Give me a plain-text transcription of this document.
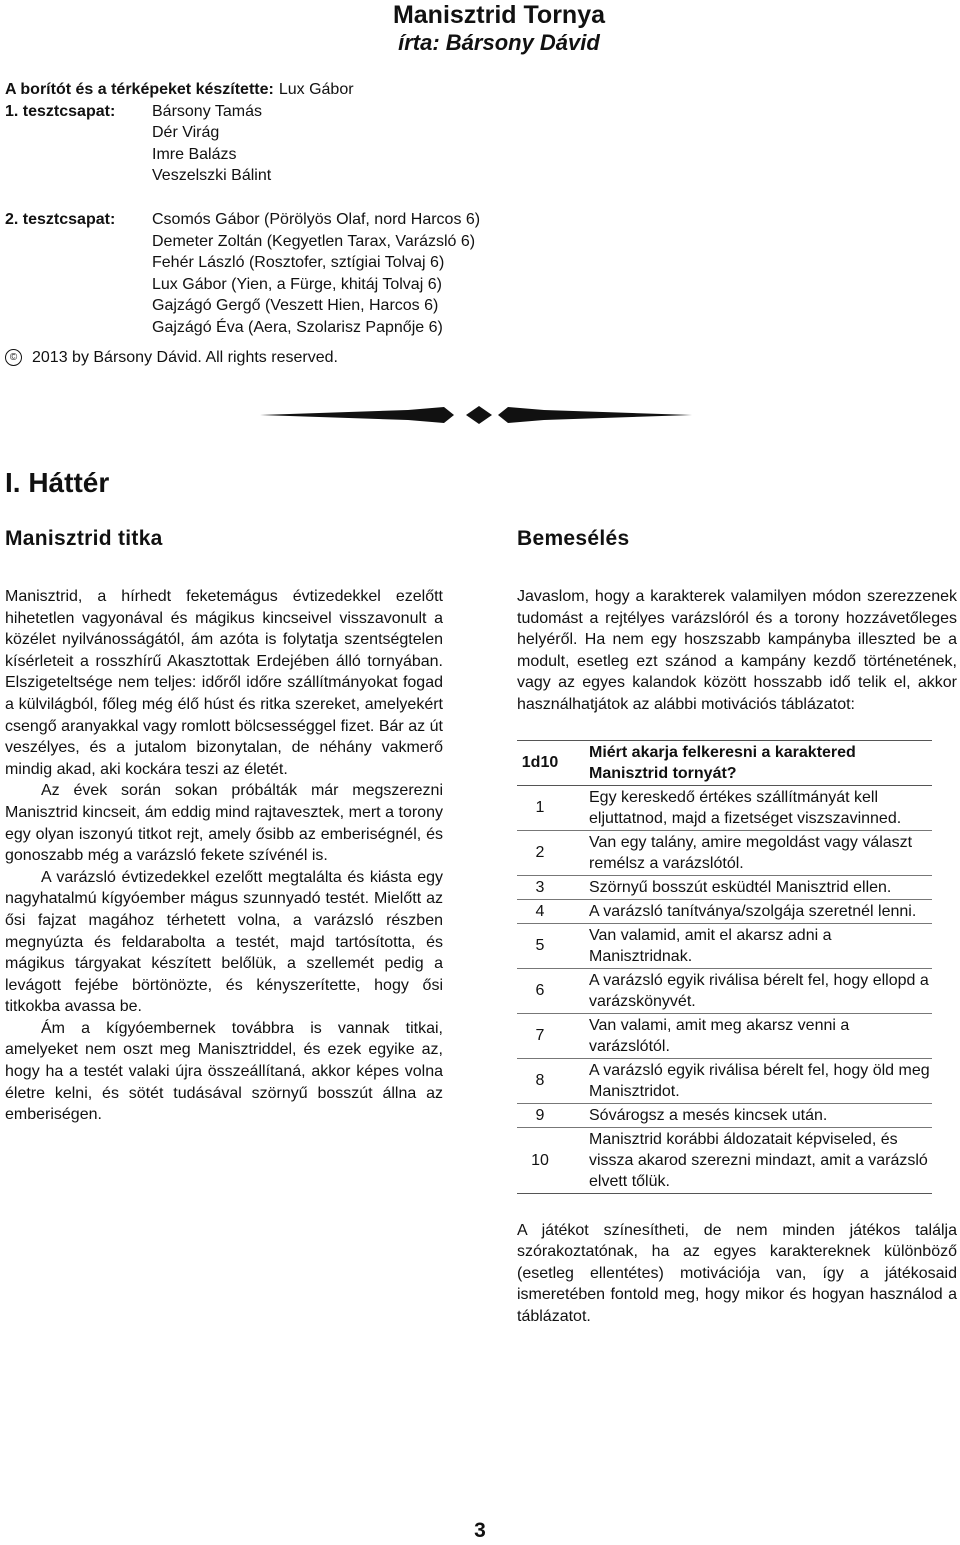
Manisztrid Tornya
írta: Bársony Dávid
A borítót és a térképeket készítette: Lux Gábor
1. tesztcsapat:	Bársony Tamás
Dér Virág
Imre Balázs
Veszelszki Bálint
2. tesztcsapat:	Csomós Gábor (Pörölyös Olaf, nord Harcos 6)
Demeter Zoltán (Kegyetlen Tarax, Varázsló 6)
Fehér László (Rosztofer, sztígiai Tolvaj 6)
Lux Gábor (Yien, a Fürge, khitáj Tolvaj 6)
Gajzágó Gergő (Veszett Hien, Harcos 6)
Gajzágó Éva (Aera, Szolarisz Papnője 6)
© 2013 by Bársony Dávid. All rights reserved.
I. Háttér
Manisztrid titka

Manisztrid, a hírhedt feketemágus évtizedekkel ezelőtt hihetetlen vagyonával és mágikus kincseivel visszavonult a közélet nyilvánosságától, ám azóta is folytatja szentségtelen kísérleteit a rosszhírű Akasztottak Erdejében álló tornyában. Elszigeteltsége nem teljes: időről időre szállítmányokat fogad a külvilágból, főleg még élő húst és ritka szereket, amelyekért csengő aranyakkal vagy romlott bölcsességgel fizet. Bár az út veszélyes, és a jutalom bizonytalan, de néhány vakmerő mindig akad, aki kockára teszi az életét.

Az évek során sokan próbálták már megszerezni Manisztrid kincseit, ám eddig mind rajtavesztek, mert a torony egy olyan iszonyú titkot rejt, amely ősibb az emberiségnél, és gonoszabb még a varázsló fekete szívénél is.

A varázsló évtizedekkel ezelőtt megtalálta és kiásta egy nagyhatalmú kígyóember mágus szunnyadó testét. Mielőtt az ősi fajzat magához térhetett volna, a varázsló részben megnyúzta és feldarabolta a testét, majd tartósította, és mágikus tárgyakat készített belőlük, a szellemét pedig a levágott fejébe börtönözte, és kényszerítette, hogy ősi titkokba avassa be.

Ám a kígyóembernek továbbra is vannak titkai, amelyeket nem oszt meg Manisztriddel, és ezek egyike az, hogy ha a testét valaki újra összeállítaná, akkor képes volna életre kelni, és sötét tudásával szörnyű bosszút állna az emberiségen.

Bemesélés
Javaslom, hogy a karakterek valamilyen módon szerezzenek tudomást a rejtélyes varázslóról és a torony hozzávetőleges helyéről. Ha nem egy hoszszabb kampányba illeszted be a modult, esetleg ezt szánod a kampány kezdő történetének, vagy az egyes kalandok között hosszabb idő telik el, akkor használhatjátok az alábbi motivációs táblázatot:
1d10	Miért akarja felkeresni a karaktered Manisztrid tornyát?
1	Egy kereskedő értékes szállítmányát kell eljuttatnod, majd a fizetséget viszszavinned.
2	Van egy talány, amire megoldást vagy választ remélsz a varázslótól.
3	Szörnyű bosszút esküdtél Manisztrid ellen.
4	A varázsló tanítványa/szolgája szeretnél lenni.
5	Van valamid, amit el akarsz adni a Manisztridnak.
6	A varázsló egyik riválisa bérelt fel, hogy ellopd a varázskönyvét.
7	Van valami, amit meg akarsz venni a varázslótól.
8	A varázsló egyik riválisa bérelt fel, hogy öld meg Manisztridot.
9	Sóvárogsz a mesés kincsek után.
10	Manisztrid korábbi áldozatait képviseled, és vissza akarod szerezni mindazt, amit a varázsló elvett tőlük.
A játékot színesítheti, de nem minden játékos találja szórakoztatónak, ha az egyes karaktereknek különböző (esetleg ellentétes) motivációja van, így a játékosaid ismeretében fontold meg, hogy mikor és hogyan használod a táblázatot.
3
